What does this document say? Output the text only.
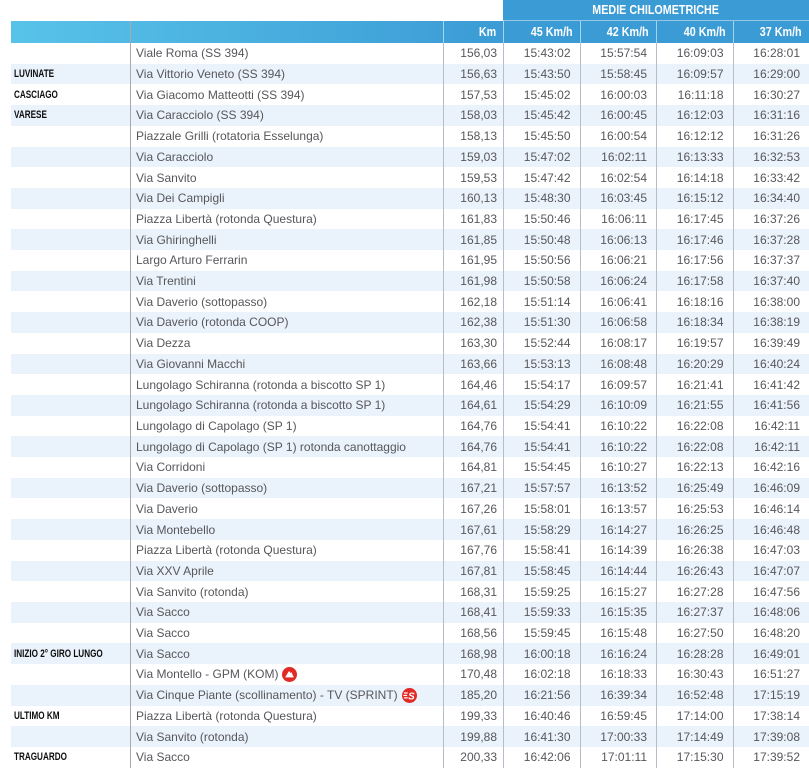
MEDIE CHILOMETRICHE
Km	45 Km/h	42 Km/h	40 Km/h	37 Km/h
Viale Roma (SS 394)	156,03	15:43:02	15:57:54	16:09:03	16:28:01
LUVINATE	Via Vittorio Veneto (SS 394)	156,63	15:43:50	15:58:45	16:09:57	16:29:00
CASCIAGO	Via Giacomo Matteotti (SS 394)	157,53	15:45:02	16:00:03	16:11:18	16:30:27
VARESE	Via Caracciolo (SS 394)	158,03	15:45:42	16:00:45	16:12:03	16:31:16
Piazzale Grilli (rotatoria Esselunga)	158,13	15:45:50	16:00:54	16:12:12	16:31:26
Via Caracciolo	159,03	15:47:02	16:02:11	16:13:33	16:32:53
Via Sanvito	159,53	15:47:42	16:02:54	16:14:18	16:33:42
Via Dei Campigli	160,13	15:48:30	16:03:45	16:15:12	16:34:40
Piazza Libertà (rotonda Questura)	161,83	15:50:46	16:06:11	16:17:45	16:37:26
Via Ghiringhelli	161,85	15:50:48	16:06:13	16:17:46	16:37:28
Largo Arturo Ferrarin	161,95	15:50:56	16:06:21	16:17:56	16:37:37
Via Trentini	161,98	15:50:58	16:06:24	16:17:58	16:37:40
Via Daverio (sottopasso)	162,18	15:51:14	16:06:41	16:18:16	16:38:00
Via Daverio (rotonda COOP)	162,38	15:51:30	16:06:58	16:18:34	16:38:19
Via Dezza	163,30	15:52:44	16:08:17	16:19:57	16:39:49
Via Giovanni Macchi	163,66	15:53:13	16:08:48	16:20:29	16:40:24
Lungolago Schiranna (rotonda a biscotto SP 1)	164,46	15:54:17	16:09:57	16:21:41	16:41:42
Lungolago Schiranna (rotonda a biscotto SP 1)	164,61	15:54:29	16:10:09	16:21:55	16:41:56
Lungolago di Capolago (SP 1)	164,76	15:54:41	16:10:22	16:22:08	16:42:11
Lungolago di Capolago (SP 1) rotonda canottaggio	164,76	15:54:41	16:10:22	16:22:08	16:42:11
Via Corridoni	164,81	15:54:45	16:10:27	16:22:13	16:42:16
Via Daverio (sottopasso)	167,21	15:57:57	16:13:52	16:25:49	16:46:09
Via Daverio	167,26	15:58:01	16:13:57	16:25:53	16:46:14
Via Montebello	167,61	15:58:29	16:14:27	16:26:25	16:46:48
Piazza Libertà (rotonda Questura)	167,76	15:58:41	16:14:39	16:26:38	16:47:03
Via XXV Aprile	167,81	15:58:45	16:14:44	16:26:43	16:47:07
Via Sanvito (rotonda)	168,31	15:59:25	16:15:27	16:27:28	16:47:56
Via Sacco	168,41	15:59:33	16:15:35	16:27:37	16:48:06
Via Sacco	168,56	15:59:45	16:15:48	16:27:50	16:48:20
INIZIO 2° GIRO LUNGO	Via Sacco	168,98	16:00:18	16:16:24	16:28:28	16:49:01
Via Montello - GPM (KOM)	170,48	16:02:18	16:18:33	16:30:43	16:51:27
Via Cinque Piante (scollinamento) - TV (SPRINT) S	185,20	16:21:56	16:39:34	16:52:48	17:15:19
ULTIMO KM	Piazza Libertà (rotonda Questura)	199,33	16:40:46	16:59:45	17:14:00	17:38:14
Via Sanvito (rotonda)	199,88	16:41:30	17:00:33	17:14:49	17:39:08
TRAGUARDO	Via Sacco	200,33	16:42:06	17:01:11	17:15:30	17:39:52
